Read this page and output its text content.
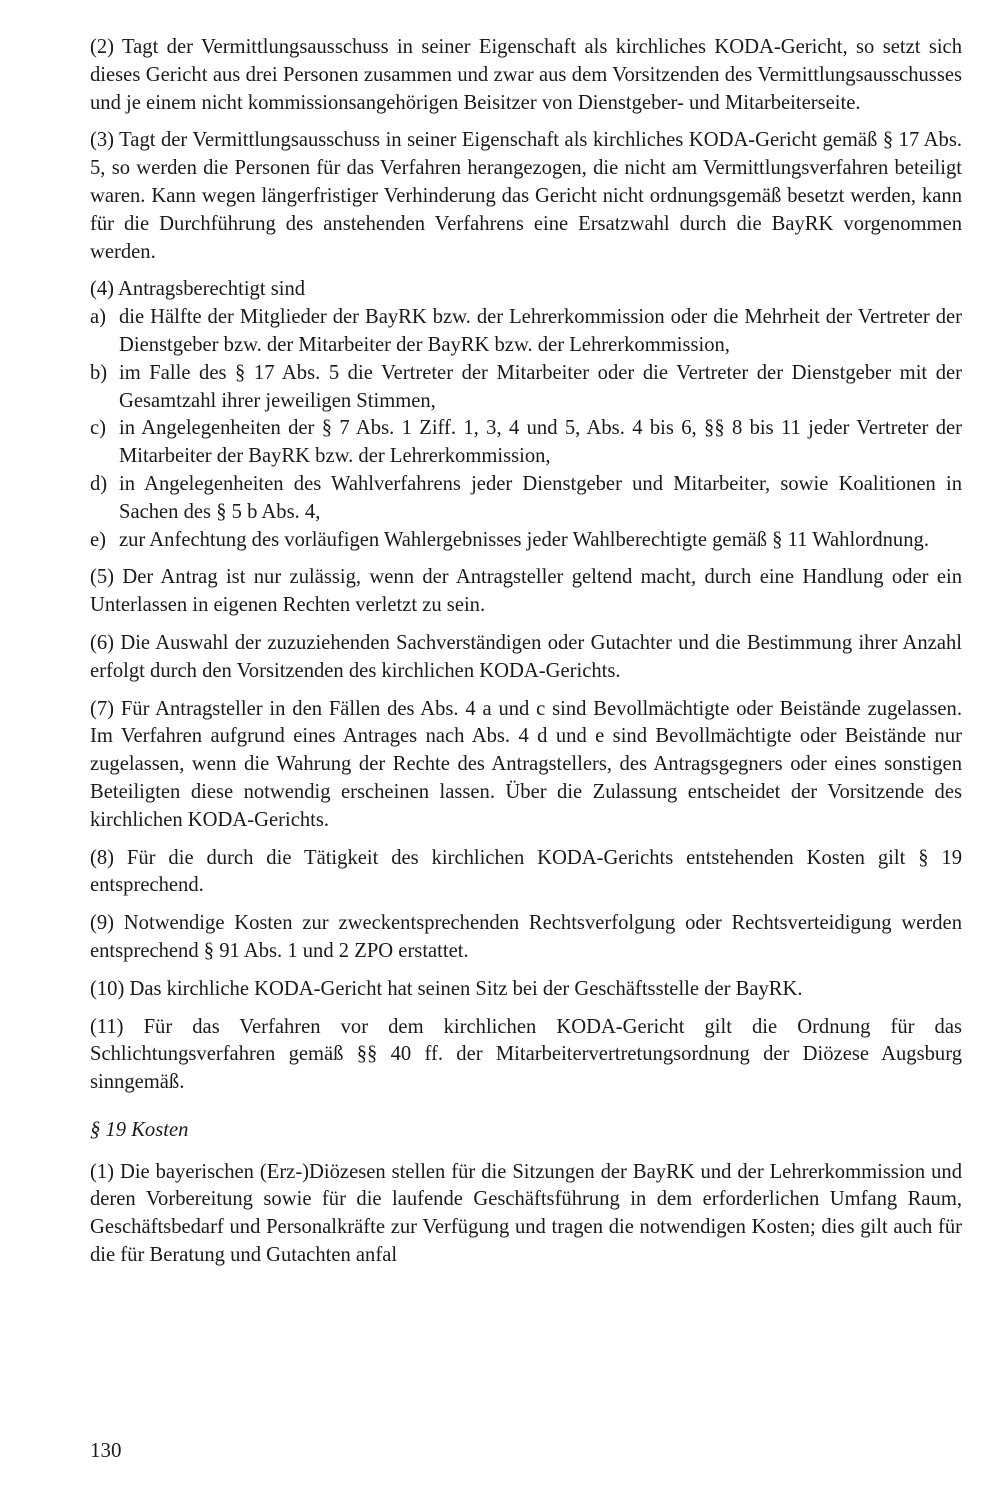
(2) Tagt der Vermittlungsausschuss in seiner Eigenschaft als kirchliches KODA-Gericht, so setzt sich dieses Gericht aus drei Personen zusammen und zwar aus dem Vorsitzenden des Vermittlungsausschusses und je einem nicht kommissionsangehörigen Beisitzer von Dienstgeber- und Mitarbeiterseite.

(3) Tagt der Vermittlungsausschuss in seiner Eigenschaft als kirchliches KODA-Gericht gemäß § 17 Abs. 5, so werden die Personen für das Verfahren herangezogen, die nicht am Vermittlungsverfahren beteiligt waren. Kann wegen längerfristiger Verhinderung das Gericht nicht ordnungsgemäß besetzt werden, kann für die Durchführung des anstehenden Verfahrens eine Ersatzwahl durch die BayRK vorgenommen werden.

(4) Antragsberechtigt sind

a) die Hälfte der Mitglieder der BayRK bzw. der Lehrerkommission oder die Mehrheit der Vertreter der Dienstgeber bzw. der Mitarbeiter der BayRK bzw. der Lehrerkommission,
b) im Falle des § 17 Abs. 5 die Vertreter der Mitarbeiter oder die Vertreter der Dienstgeber mit der Gesamtzahl ihrer jeweiligen Stimmen,
c) in Angelegenheiten der § 7 Abs. 1 Ziff. 1, 3, 4 und 5, Abs. 4 bis 6, §§ 8 bis 11 jeder Vertreter der Mitarbeiter der BayRK bzw. der Lehrerkommission,
d) in Angelegenheiten des Wahlverfahrens jeder Dienstgeber und Mitarbeiter, sowie Koalitionen in Sachen des § 5 b Abs. 4,
e) zur Anfechtung des vorläufigen Wahlergebnisses jeder Wahlberechtigte gemäß § 11 Wahlordnung.

(5) Der Antrag ist nur zulässig, wenn der Antragsteller geltend macht, durch eine Handlung oder ein Unterlassen in eigenen Rechten verletzt zu sein.

(6) Die Auswahl der zuzuziehenden Sachverständigen oder Gutachter und die Bestimmung ihrer Anzahl erfolgt durch den Vorsitzenden des kirchlichen KODA-Gerichts.

(7) Für Antragsteller in den Fällen des Abs. 4 a und c sind Bevollmächtigte oder Beistände zugelassen. Im Verfahren aufgrund eines Antrages nach Abs. 4 d und e sind Bevollmächtigte oder Beistände nur zugelassen, wenn die Wahrung der Rechte des Antragstellers, des Antragsgegners oder eines sonstigen Beteiligten diese notwendig erscheinen lassen. Über die Zulassung entscheidet der Vorsitzende des kirchlichen KODA-Gerichts.

(8) Für die durch die Tätigkeit des kirchlichen KODA-Gerichts entstehenden Kosten gilt § 19 entsprechend.

(9) Notwendige Kosten zur zweckentsprechenden Rechtsverfolgung oder Rechtsverteidigung werden entsprechend § 91 Abs. 1 und 2 ZPO erstattet.

(10) Das kirchliche KODA-Gericht hat seinen Sitz bei der Geschäftsstelle der BayRK.

(11) Für das Verfahren vor dem kirchlichen KODA-Gericht gilt die Ordnung für das Schlichtungsverfahren gemäß §§ 40 ff. der Mitarbeitervertretungsordnung der Diözese Augsburg sinngemäß.

§ 19 Kosten

(1) Die bayerischen (Erz-)Diözesen stellen für die Sitzungen der BayRK und der Lehrerkommission und deren Vorbereitung sowie für die laufende Geschäftsführung in dem erforderlichen Umfang Raum, Geschäftsbedarf und Personalkräfte zur Verfügung und tragen die notwendigen Kosten; dies gilt auch für die für Beratung und Gutachten anfal

130
